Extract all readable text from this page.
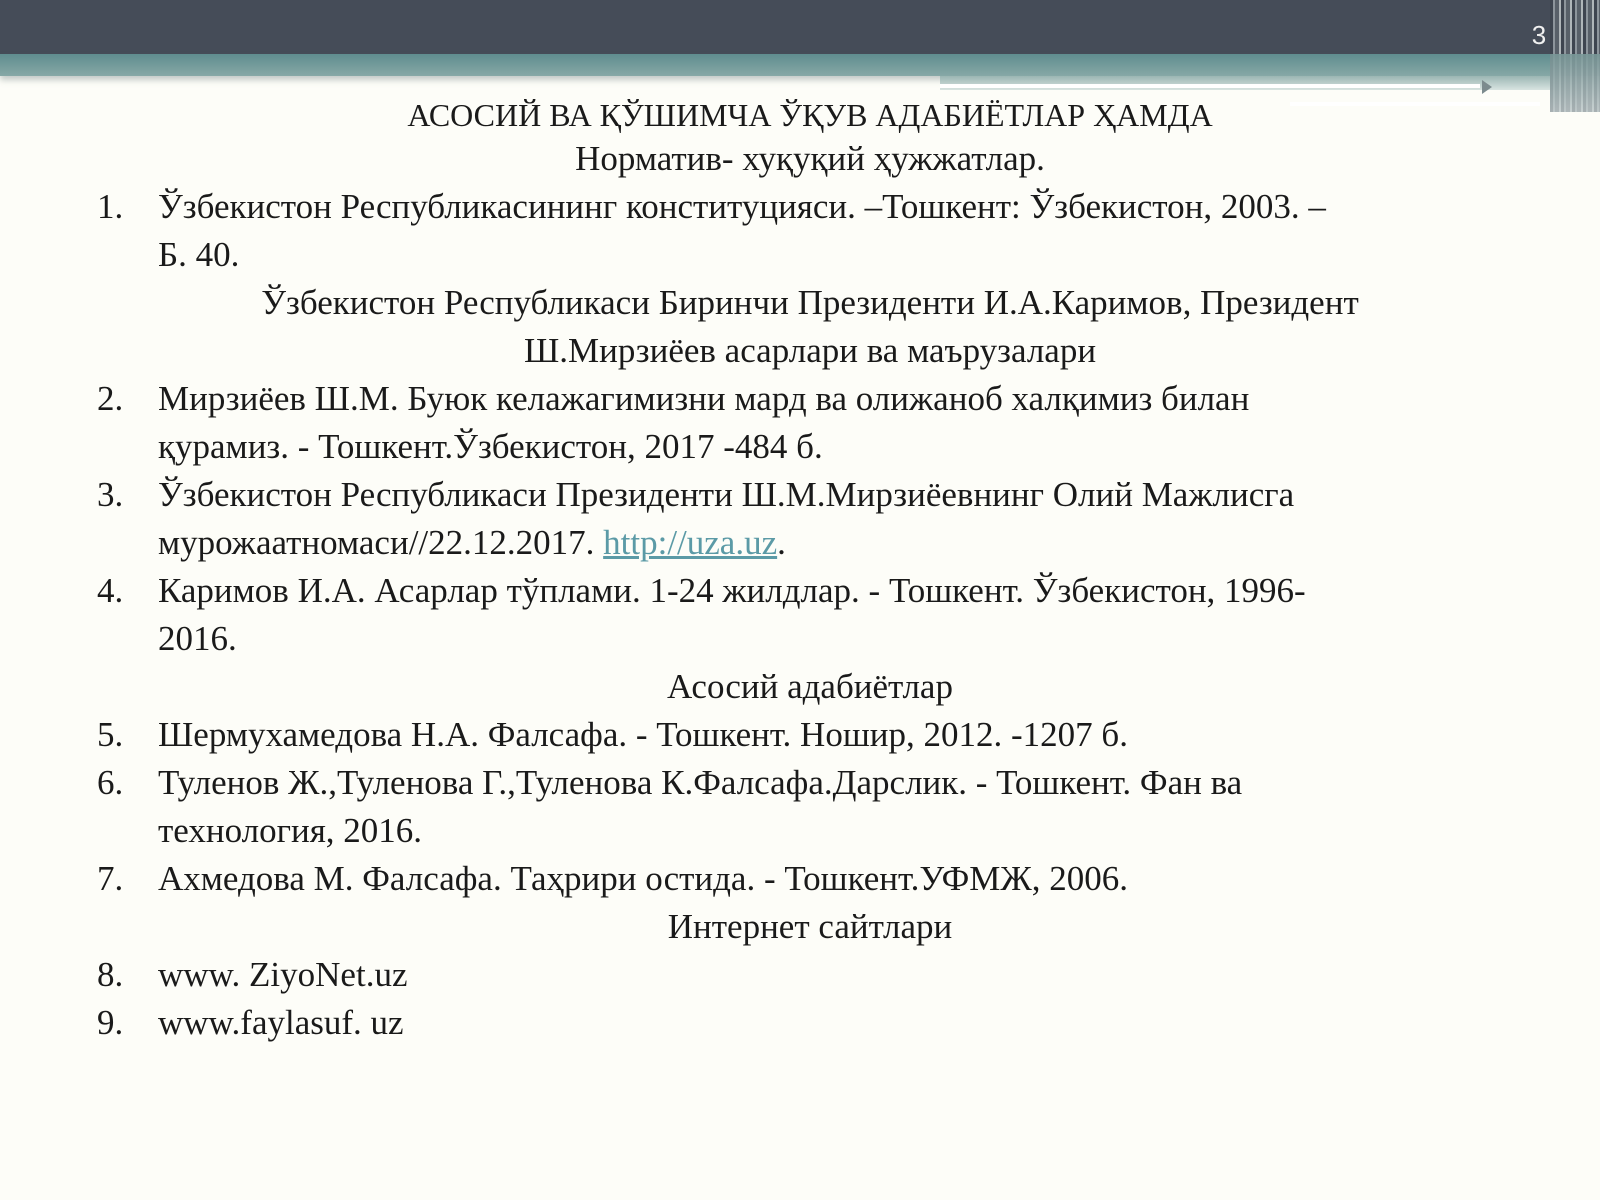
3
АСОСИЙ ВА ҚЎШИМЧА ЎҚУВ АДАБИЁТЛАР ҲАМДА
Норматив- хуқуқий ҳужжатлар.
1. Ўзбекистон Республикасининг конституцияси. –Тошкент: Ўзбекистон, 2003. –
Б. 40.
Ўзбекистон Республикаси Биринчи Президенти И.А.Каримов, Президент
Ш.Мирзиёев асарлари ва маърузалари
2. Мирзиёев Ш.М. Буюк келажагимизни мард ва олижаноб халқимиз билан
қурамиз. - Тошкент.Ўзбекистон, 2017 -484 б.
3. Ўзбекистон Республикаси Президенти Ш.М.Мирзиёевнинг Олий Мажлисга
мурожаатномаси//22.12.2017. http://uza.uz.
4. Каримов И.А. Асарлар тўплами. 1-24 жилдлар. - Тошкент. Ўзбекистон, 1996-
2016.
Асосий адабиётлар
5. Шермухамедова Н.А. Фалсафа. - Тошкент. Нoшир, 2012. -1207 б.
6. Туленов Ж.,Туленова Г.,Туленова К.Фалсафа.Дарслик. - Тошкент. Фан ва
технология, 2016.
7. Ахмедова М. Фалсафа. Таҳрири остида. - Тошкент.УФМЖ, 2006.
Интернет сайтлари
8. www. ZiyoNet.uz
9. www.faylasuf. uz
